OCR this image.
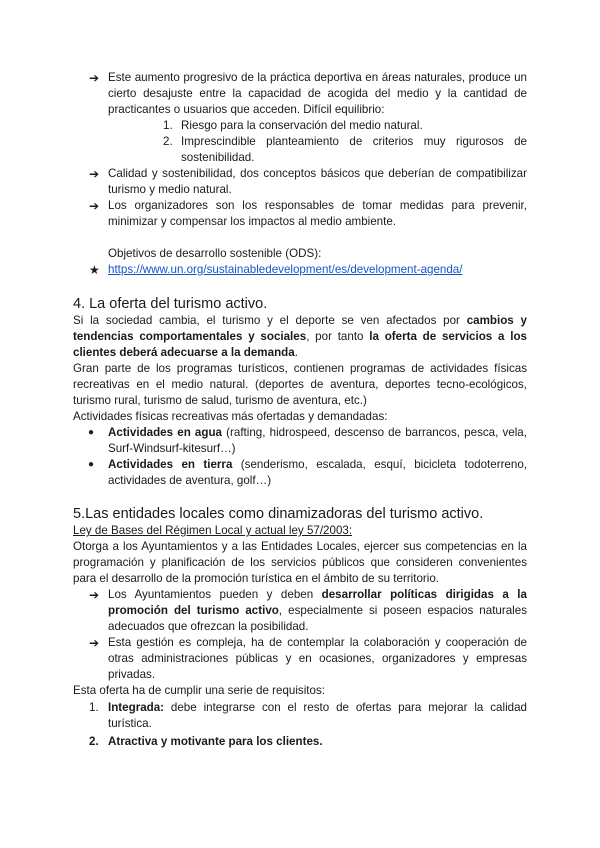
➔ Este aumento progresivo de la práctica deportiva en áreas naturales, produce un cierto desajuste entre la capacidad de acogida del medio y la cantidad de practicantes o usuarios que acceden. Difícil equilibrio:
1. Riesgo para la conservación del medio natural.
2. Imprescindible planteamiento de criterios muy rigurosos de sostenibilidad.
➔ Calidad y sostenibilidad, dos conceptos básicos que deberían de compatibilizar turismo y medio natural.
➔ Los organizadores son los responsables de tomar medidas para prevenir, minimizar y compensar los impactos al medio ambiente.
Objetivos de desarrollo sostenible (ODS):
★ https://www.un.org/sustainabledevelopment/es/development-agenda/
4. La oferta del turismo activo.

Si la sociedad cambia, el turismo y el deporte se ven afectados por cambios y tendencias comportamentales y sociales, por tanto la oferta de servicios a los clientes deberá adecuarse a la demanda.

Gran parte de los programas turísticos, contienen programas de actividades físicas recreativas en el medio natural. (deportes de aventura, deportes tecno-ecológicos, turismo rural, turismo de salud, turismo de aventura, etc.)

Actividades físicas recreativas más ofertadas y demandadas:

● Actividades en agua (rafting, hidrospeed, descenso de barrancos, pesca, vela, Surf-Windsurf-kitesurf…)
● Actividades en tierra (senderismo, escalada, esquí, bicicleta todoterreno, actividades de aventura, golf…)
5.Las entidades locales como dinamizadoras del turismo activo.

Ley de Bases del Régimen Local y actual ley 57/2003:

Otorga a los Ayuntamientos y a las Entidades Locales, ejercer sus competencias en la programación y planificación de los servicios públicos que consideren convenientes para el desarrollo de la promoción turística en el ámbito de su territorio.

➔ Los Ayuntamientos pueden y deben desarrollar políticas dirigidas a la promoción del turismo activo, especialmente si poseen espacios naturales adecuados que ofrezcan la posibilidad.
➔ Esta gestión es compleja, ha de contemplar la colaboración y cooperación de otras administraciones públicas y en ocasiones, organizadores y empresas privadas.

Esta oferta ha de cumplir una serie de requisitos:

1. Integrada: debe integrarse con el resto de ofertas para mejorar la calidad turística.
2. Atractiva y motivante para los clientes.
